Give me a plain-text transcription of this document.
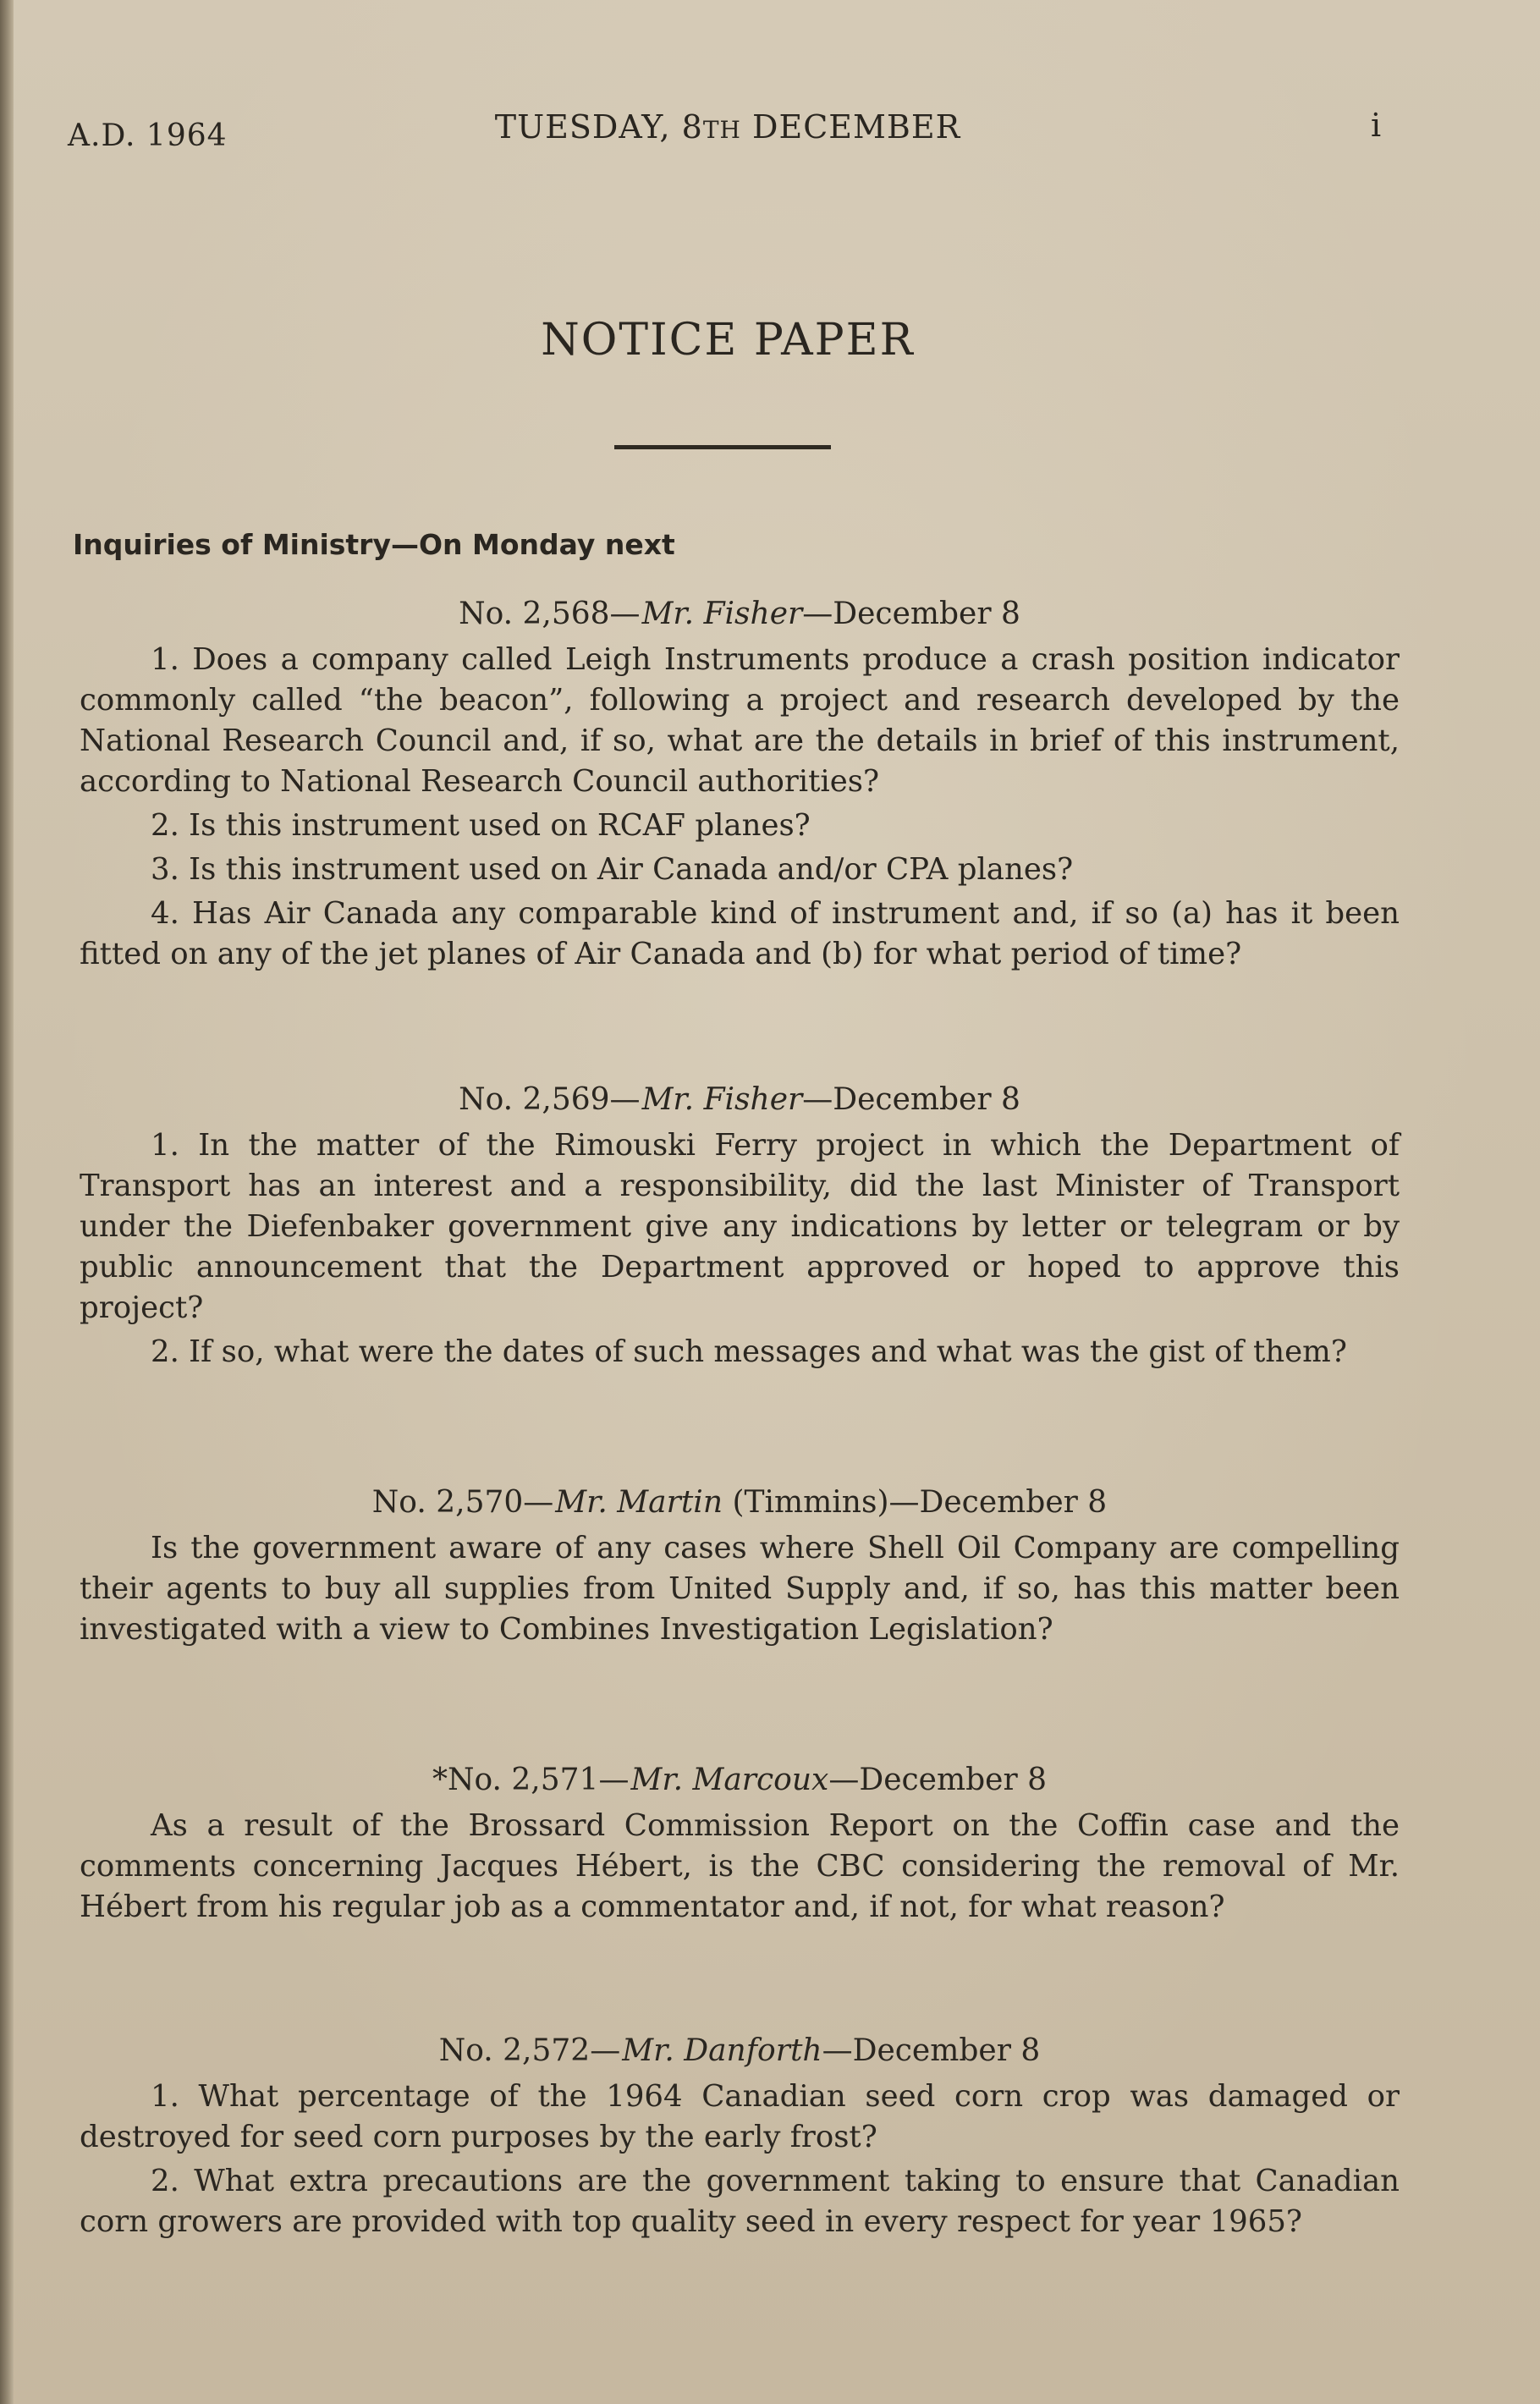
A.D. 1964	TUESDAY, 8TH DECEMBER	i
NOTICE PAPER
Inquiries of Ministry—On Monday next
No. 2,568—Mr. Fisher—December 8

1. Does a company called Leigh Instruments produce a crash position indicator commonly called “the beacon”, following a project and research developed by the National Research Council and, if so, what are the details in brief of this instrument, according to National Research Council authorities?

2. Is this instrument used on RCAF planes?

3. Is this instrument used on Air Canada and/or CPA planes?

4. Has Air Canada any comparable kind of instrument and, if so (a) has it been fitted on any of the jet planes of Air Canada and (b) for what period of time?

No. 2,569—Mr. Fisher—December 8

1. In the matter of the Rimouski Ferry project in which the Department of Transport has an interest and a responsibility, did the last Minister of Transport under the Diefenbaker government give any indications by letter or telegram or by public announcement that the Department approved or hoped to approve this project?

2. If so, what were the dates of such messages and what was the gist of them?

No. 2,570—Mr. Martin (Timmins)—December 8

Is the government aware of any cases where Shell Oil Company are compelling their agents to buy all supplies from United Supply and, if so, has this matter been investigated with a view to Combines Investigation Legislation?

*No. 2,571—Mr. Marcoux—December 8

As a result of the Brossard Commission Report on the Coffin case and the comments concerning Jacques Hébert, is the CBC considering the removal of Mr. Hébert from his regular job as a commentator and, if not, for what reason?

No. 2,572—Mr. Danforth—December 8

1. What percentage of the 1964 Canadian seed corn crop was damaged or destroyed for seed corn purposes by the early frost?

2. What extra precautions are the government taking to ensure that Canadian corn growers are provided with top quality seed in every respect for year 1965?
